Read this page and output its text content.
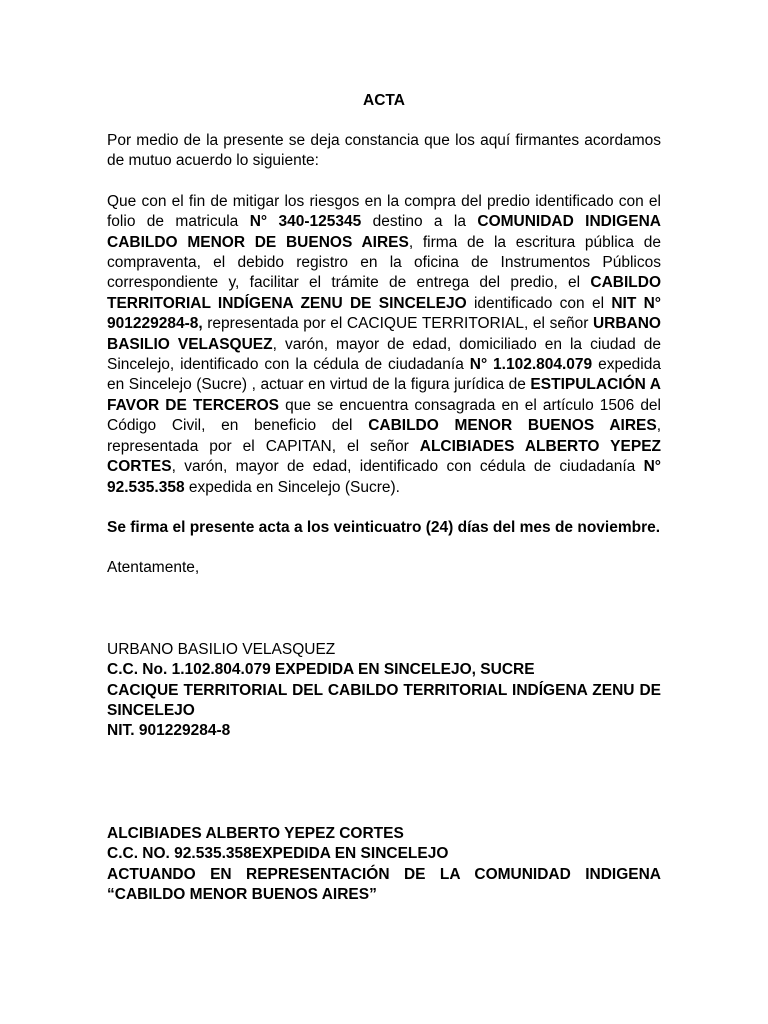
ACTA

Por medio de la presente se deja constancia que los aquí firmantes acordamos de mutuo acuerdo lo siguiente:

Que con el fin de mitigar los riesgos en la compra del predio identificado con el folio de matricula N° 340-125345 destino a la COMUNIDAD INDIGENA CABILDO MENOR DE BUENOS AIRES, firma de la escritura pública de compraventa, el debido registro en la oficina de Instrumentos Públicos correspondiente y, facilitar el trámite de entrega del predio, el CABILDO TERRITORIAL INDÍGENA ZENU DE SINCELEJO identificado con el NIT N° 901229284-8, representada por el CACIQUE TERRITORIAL, el señor URBANO BASILIO VELASQUEZ, varón, mayor de edad, domiciliado en la ciudad de Sincelejo, identificado con la cédula de ciudadanía N° 1.102.804.079 expedida en Sincelejo (Sucre) , actuar en virtud de la figura jurídica de ESTIPULACIÓN A FAVOR DE TERCEROS que se encuentra consagrada en el artículo 1506 del Código Civil, en beneficio del CABILDO MENOR BUENOS AIRES, representada por el CAPITAN, el señor ALCIBIADES ALBERTO YEPEZ CORTES, varón, mayor de edad, identificado con cédula de ciudadanía N° 92.535.358 expedida en Sincelejo (Sucre).

Se firma el presente acta a los veinticuatro (24) días del mes de noviembre.

Atentamente,

URBANO BASILIO VELASQUEZ
C.C. No. 1.102.804.079 EXPEDIDA EN SINCELEJO, SUCRE
CACIQUE TERRITORIAL DEL CABILDO TERRITORIAL INDÍGENA ZENU DE
SINCELEJO
NIT. 901229284-8
ALCIBIADES ALBERTO YEPEZ CORTES
C.C. NO. 92.535.358EXPEDIDA EN SINCELEJO
ACTUANDO EN REPRESENTACIÓN DE LA COMUNIDAD INDIGENA
“CABILDO MENOR BUENOS AIRES”
